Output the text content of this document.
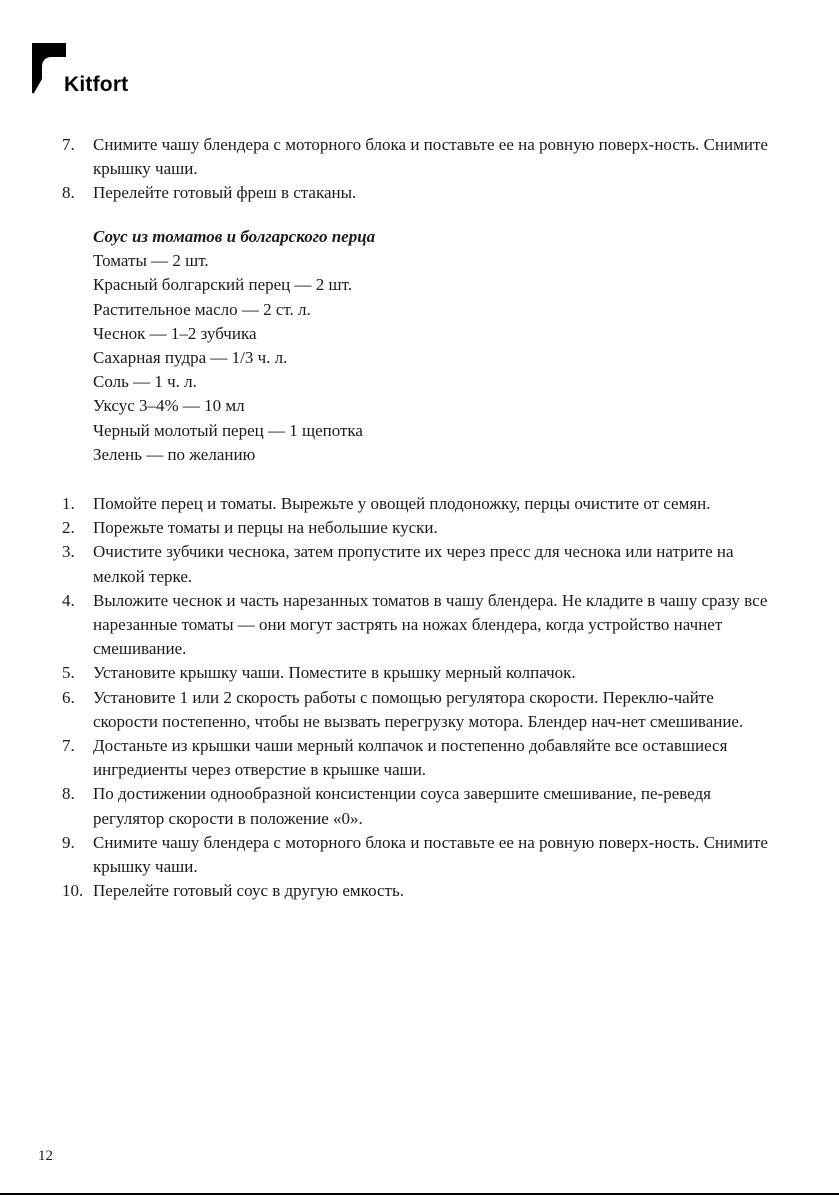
Kitfort
7. Снимите чашу блендера с моторного блока и поставьте ее на ровную поверх-ность. Снимите крышку чаши.
8. Перелейте готовый фреш в стаканы.
Соус из томатов и болгарского перца
Томаты — 2 шт.
Красный болгарский перец — 2 шт.
Растительное масло — 2 ст. л.
Чеснок — 1–2 зубчика
Сахарная пудра — 1/3 ч. л.
Соль — 1 ч. л.
Уксус 3–4% — 10 мл
Черный молотый перец — 1 щепотка
Зелень — по желанию
1. Помойте перец и томаты. Вырежьте у овощей плодоножку, перцы очистите от семян.
2. Порежьте томаты и перцы на небольшие куски.
3. Очистите зубчики чеснока, затем пропустите их через пресс для чеснока или натрите на мелкой терке.
4. Выложите чеснок и часть нарезанных томатов в чашу блендера. Не кладите в чашу сразу все нарезанные томаты — они могут застрять на ножах блендера, когда устройство начнет смешивание.
5. Установите крышку чаши. Поместите в крышку мерный колпачок.
6. Установите 1 или 2 скорость работы с помощью регулятора скорости. Переклю-чайте скорости постепенно, чтобы не вызвать перегрузку мотора. Блендер нач-нет смешивание.
7. Достаньте из крышки чаши мерный колпачок и постепенно добавляйте все оставшиеся ингредиенты через отверстие в крышке чаши.
8. По достижении однообразной консистенции соуса завершите смешивание, пе-реведя регулятор скорости в положение «0».
9. Снимите чашу блендера с моторного блока и поставьте ее на ровную поверх-ность. Снимите крышку чаши.
10. Перелейте готовый соус в другую емкость.
12
